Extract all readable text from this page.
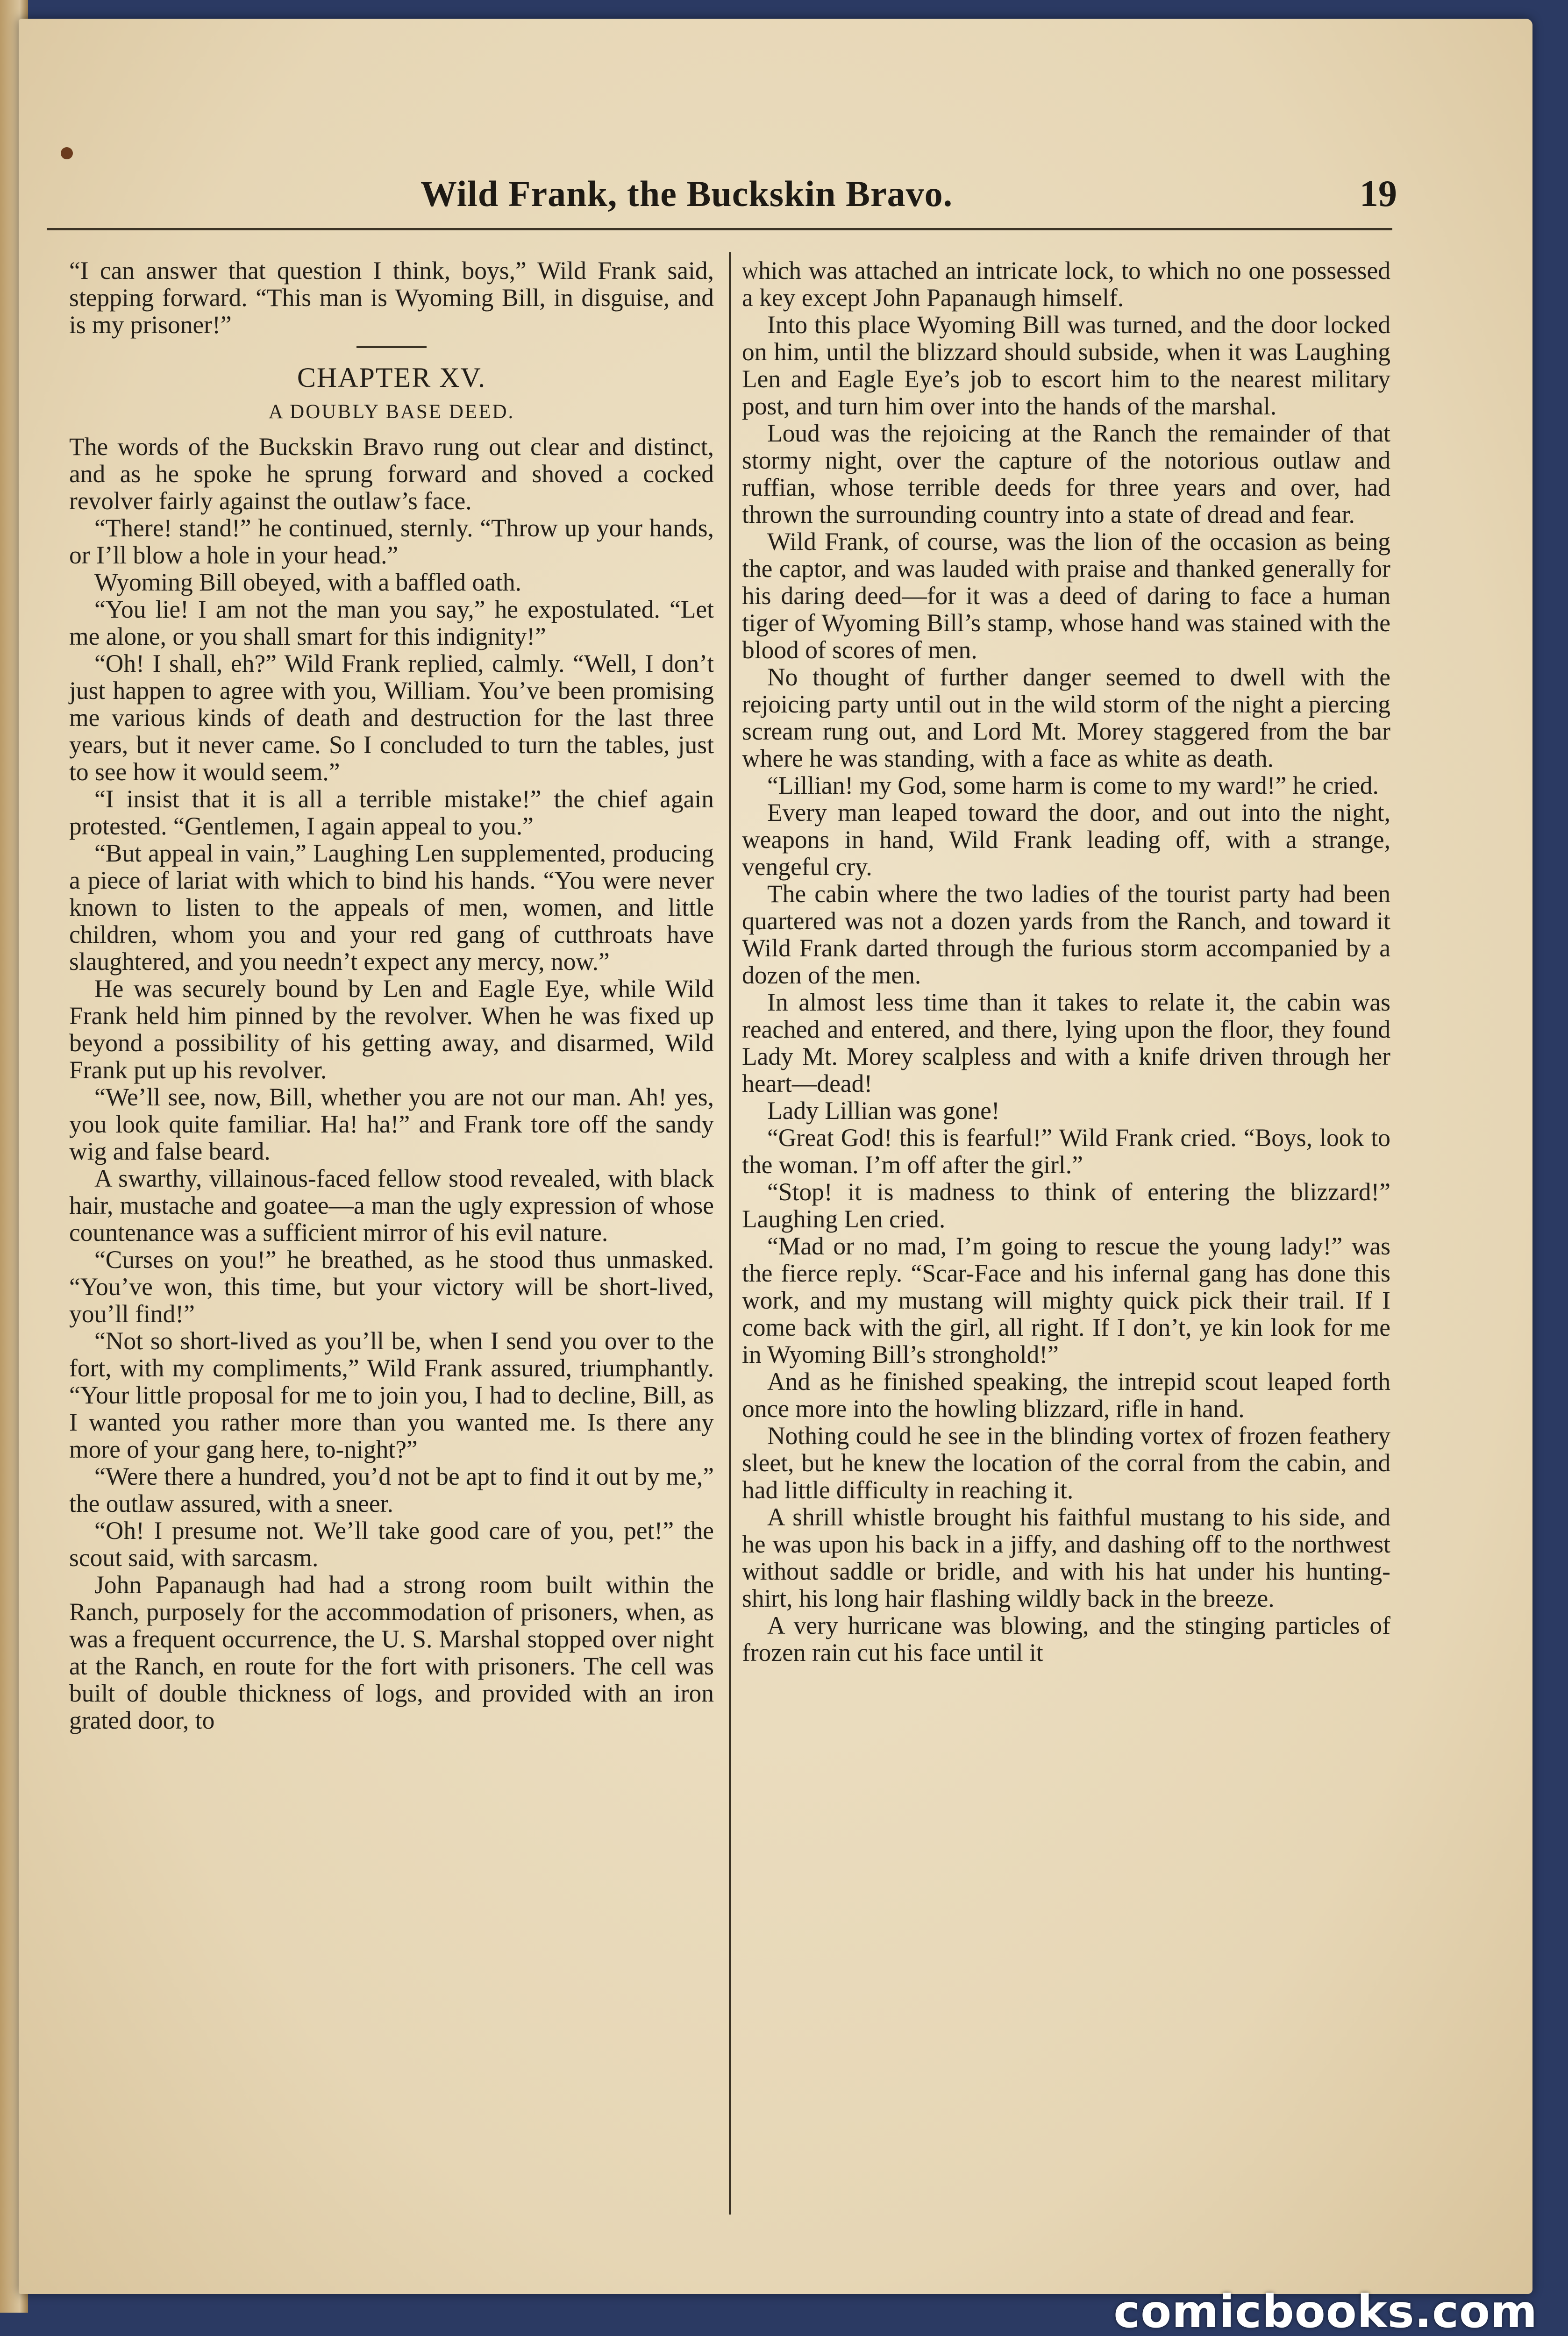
Wild Frank, the Buckskin Bravo.	19

“I can answer that question I think, boys,” Wild Frank said, stepping forward. “This man is Wyoming Bill, in disguise, and is my prisoner!”

CHAPTER XV.
A DOUBLY BASE DEED.

The words of the Buckskin Bravo rung out clear and distinct, and as he spoke he sprung forward and shoved a cocked revolver fairly against the outlaw’s face.

“There! stand!” he continued, sternly. “Throw up your hands, or I’ll blow a hole in your head.”

Wyoming Bill obeyed, with a baffled oath.

“You lie! I am not the man you say,” he expostulated. “Let me alone, or you shall smart for this indignity!”

“Oh! I shall, eh?” Wild Frank replied, calmly. “Well, I don’t just happen to agree with you, William. You’ve been promising me various kinds of death and destruction for the last three years, but it never came. So I concluded to turn the tables, just to see how it would seem.”

“I insist that it is all a terrible mistake!” the chief again protested. “Gentlemen, I again appeal to you.”

“But appeal in vain,” Laughing Len supplemented, producing a piece of lariat with which to bind his hands. “You were never known to listen to the appeals of men, women, and little children, whom you and your red gang of cutthroats have slaughtered, and you needn’t expect any mercy, now.”

He was securely bound by Len and Eagle Eye, while Wild Frank held him pinned by the revolver. When he was fixed up beyond a possibility of his getting away, and disarmed, Wild Frank put up his revolver.

“We’ll see, now, Bill, whether you are not our man. Ah! yes, you look quite familiar. Ha! ha!” and Frank tore off the sandy wig and false beard.

A swarthy, villainous-faced fellow stood revealed, with black hair, mustache and goatee—a man the ugly expression of whose countenance was a sufficient mirror of his evil nature.

“Curses on you!” he breathed, as he stood thus unmasked. “You’ve won, this time, but your victory will be short-lived, you’ll find!”

“Not so short-lived as you’ll be, when I send you over to the fort, with my compliments,” Wild Frank assured, triumphantly. “Your little proposal for me to join you, I had to decline, Bill, as I wanted you rather more than you wanted me. Is there any more of your gang here, to-night?”

“Were there a hundred, you’d not be apt to find it out by me,” the outlaw assured, with a sneer.

“Oh! I presume not. We’ll take good care of you, pet!” the scout said, with sarcasm.

John Papanaugh had had a strong room built within the Ranch, purposely for the accommodation of prisoners, when, as was a frequent occurrence, the U. S. Marshal stopped over night at the Ranch, en route for the fort with prisoners. The cell was built of double thickness of logs, and provided with an iron grated door, to

which was attached an intricate lock, to which no one possessed a key except John Papanaugh himself.

Into this place Wyoming Bill was turned, and the door locked on him, until the blizzard should subside, when it was Laughing Len and Eagle Eye’s job to escort him to the nearest military post, and turn him over into the hands of the marshal.

Loud was the rejoicing at the Ranch the remainder of that stormy night, over the capture of the notorious outlaw and ruffian, whose terrible deeds for three years and over, had thrown the surrounding country into a state of dread and fear.

Wild Frank, of course, was the lion of the occasion as being the captor, and was lauded with praise and thanked generally for his daring deed—for it was a deed of daring to face a human tiger of Wyoming Bill’s stamp, whose hand was stained with the blood of scores of men.

No thought of further danger seemed to dwell with the rejoicing party until out in the wild storm of the night a piercing scream rung out, and Lord Mt. Morey staggered from the bar where he was standing, with a face as white as death.

“Lillian! my God, some harm is come to my ward!” he cried.

Every man leaped toward the door, and out into the night, weapons in hand, Wild Frank leading off, with a strange, vengeful cry.

The cabin where the two ladies of the tourist party had been quartered was not a dozen yards from the Ranch, and toward it Wild Frank darted through the furious storm accompanied by a dozen of the men.

In almost less time than it takes to relate it, the cabin was reached and entered, and there, lying upon the floor, they found Lady Mt. Morey scalpless and with a knife driven through her heart—dead!

Lady Lillian was gone!

“Great God! this is fearful!” Wild Frank cried. “Boys, look to the woman. I’m off after the girl.”

“Stop! it is madness to think of entering the blizzard!” Laughing Len cried.

“Mad or no mad, I’m going to rescue the young lady!” was the fierce reply. “Scar-Face and his infernal gang has done this work, and my mustang will mighty quick pick their trail. If I come back with the girl, all right. If I don’t, ye kin look for me in Wyoming Bill’s stronghold!”

And as he finished speaking, the intrepid scout leaped forth once more into the howling blizzard, rifle in hand.

Nothing could he see in the blinding vortex of frozen feathery sleet, but he knew the location of the corral from the cabin, and had little difficulty in reaching it.

A shrill whistle brought his faithful mustang to his side, and he was upon his back in a jiffy, and dashing off to the northwest without saddle or bridle, and with his hat under his hunting-shirt, his long hair flashing wildly back in the breeze.

A very hurricane was blowing, and the stinging particles of frozen rain cut his face until it

comicbooks.com
